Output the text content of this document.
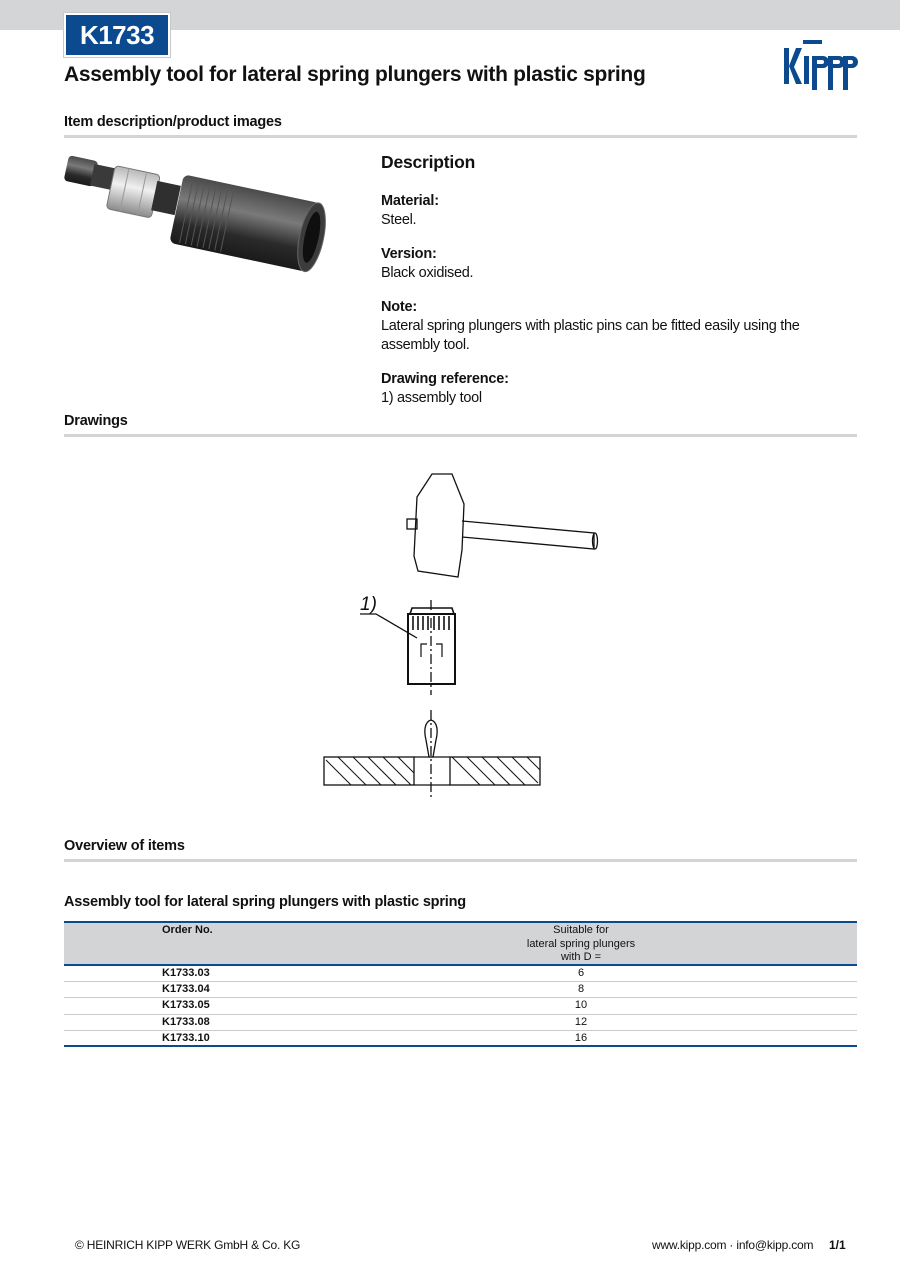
K1733
Assembly tool for lateral spring plungers with plastic spring
Item description/product images
Description
Material:
Steel.
Version:
Black oxidised.
Note:
Lateral spring plungers with plastic pins can be fitted easily using the assembly tool.
Drawing reference:
1) assembly tool
Drawings
1)
Overview of items
Assembly tool for lateral spring plungers with plastic spring
Order No.	Suitable for
lateral spring plungers
with D =
K1733.03	6
K1733.04	8
K1733.05	10
K1733.08	12
K1733.10	16
© HEINRICH KIPP WERK GmbH & Co. KG	www.kipp.com · info@kipp.com 1/1
